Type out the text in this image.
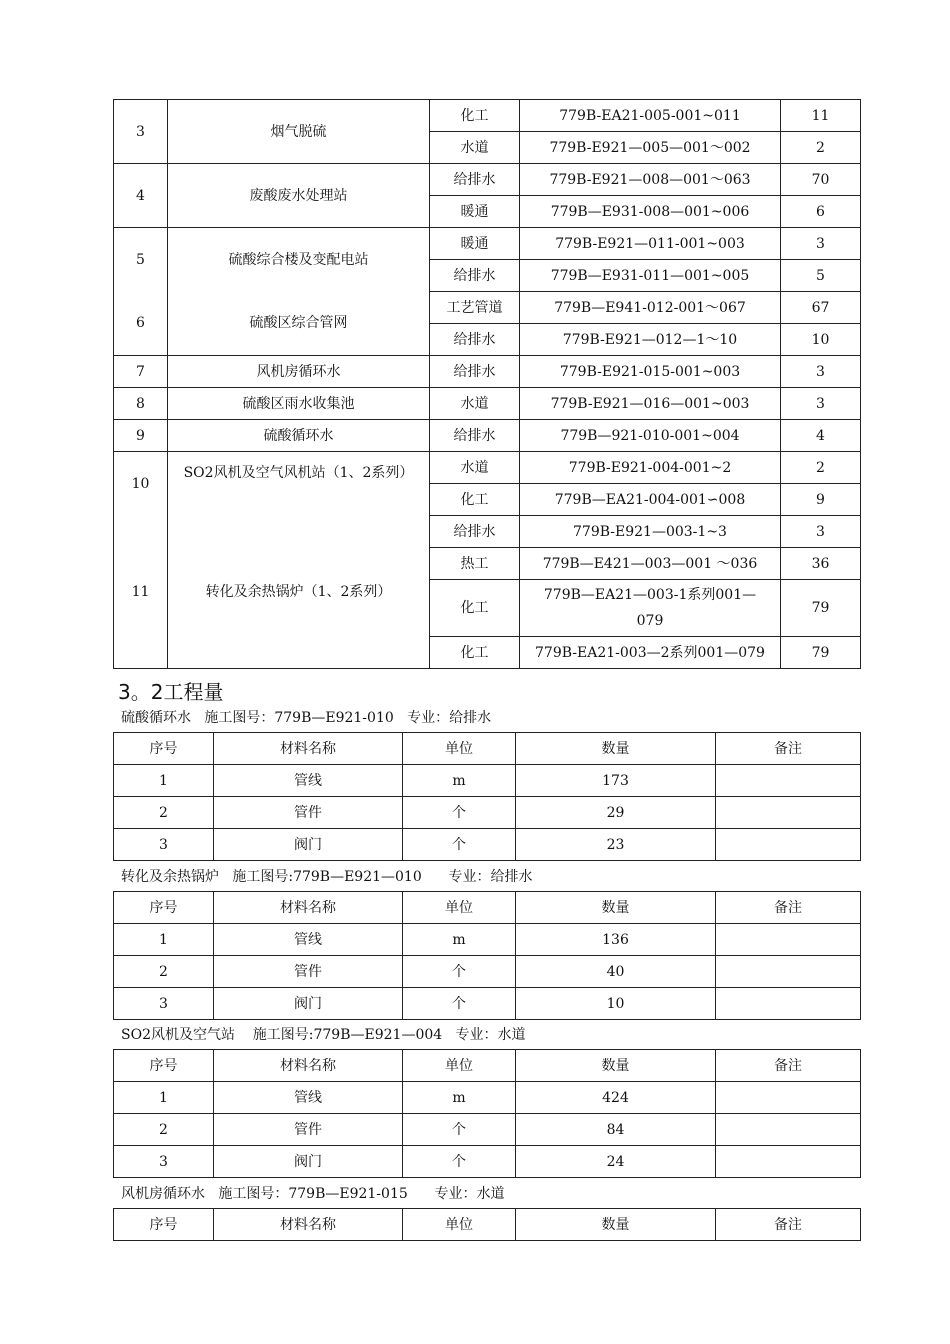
3	烟气脱硫	化工	779B-EA21-005-001~011	11
		水道	779B-E921—005—001～002	2
4	废酸废水处理站	给排水	779B-E921—008—001～063	70
		暖通	779B—E931-008—001~006	6
5	硫酸综合楼及变配电站	暖通	779B-E921—011-001~003	3
		给排水	779B—E931-011—001~005	5
6	硫酸区综合管网	工艺管道	779B—E941-012-001～067	67
		给排水	779B-E921—012—1～10	10
7	风机房循环水	给排水	779B-E921-015-001~003	3
8	硫酸区雨水收集池	水道	779B-E921—016—001~003	3
9	硫酸循环水	给排水	779B—921-010-001~004	4
10	SO2风机及空气风机站（1、2系列）	水道	779B-E921-004-001~2	2
		化工	779B—EA21-004-001∽008	9
		给排水	779B-E921—003-1~3	3
11	转化及余热锅炉（1、2系列）	热工	779B—E421—003—001 ～036	36
		化工	779B—EA21—003-1系列001—079	79
		化工	779B-EA21-003—2系列001—079	79
3。2工程量
硫酸循环水   施工图号：779B—E921-010   专业：给排水
序号	材料名称	单位	数量	备注
1	管线	m	173	
2	管件	个	29	
3	阀门	个	23	
转化及余热锅炉   施工图号:779B—E921—010      专业：给排水
序号	材料名称	单位	数量	备注
1	管线	m	136	
2	管件	个	40	
3	阀门	个	10	
SO2风机及空气站    施工图号:779B—E921—004   专业：水道
序号	材料名称	单位	数量	备注
1	管线	m	424	
2	管件	个	84	
3	阀门	个	24	
风机房循环水   施工图号：779B—E921-015      专业：水道
序号	材料名称	单位	数量	备注
